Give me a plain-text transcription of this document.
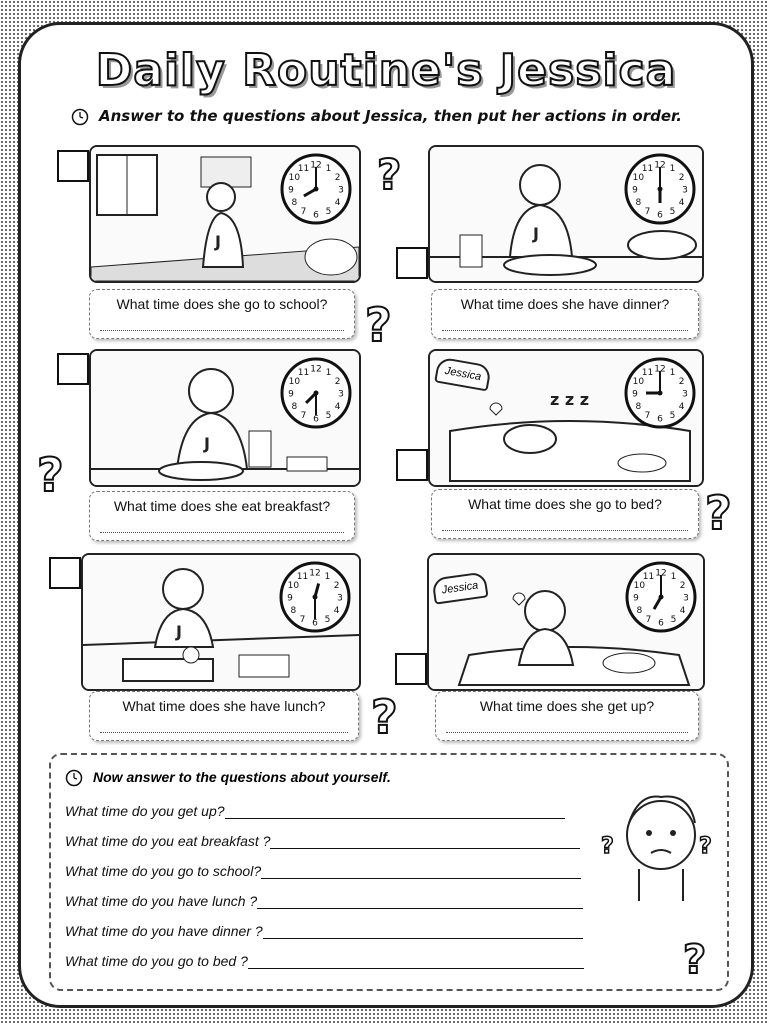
Daily Routine's Jessica
Answer to the questions about Jessica, then put her actions in order.
J
1
2
3
4
5
6
7
8
9
10
11 12 ?
What time does she go to school?
J
1
2
3
4
5
6
7
8
9
10
11 12
What time does she have dinner?
?
J
1
2
3
4
5
6
7
8
9
10
11 12
?
What time does she eat breakfast?
z z z
1
2
3
4
5
6
7
8
9
10
11 12
Jessica
What time does she go to bed? ?
J
1
2
3
4
5
6
7
8
9
10
11 12
What time does she have lunch? ?
1
2
3
4
5
6
7
8
9
10
11 12
Jessica
What time does she get up?
Now answer to the questions about yourself.
What time do you get up?
What time do you eat breakfast ?
What time do you go to school?
What time do you have lunch ?
What time do you have dinner ?
What time do you go to bed ?
?	?
?
